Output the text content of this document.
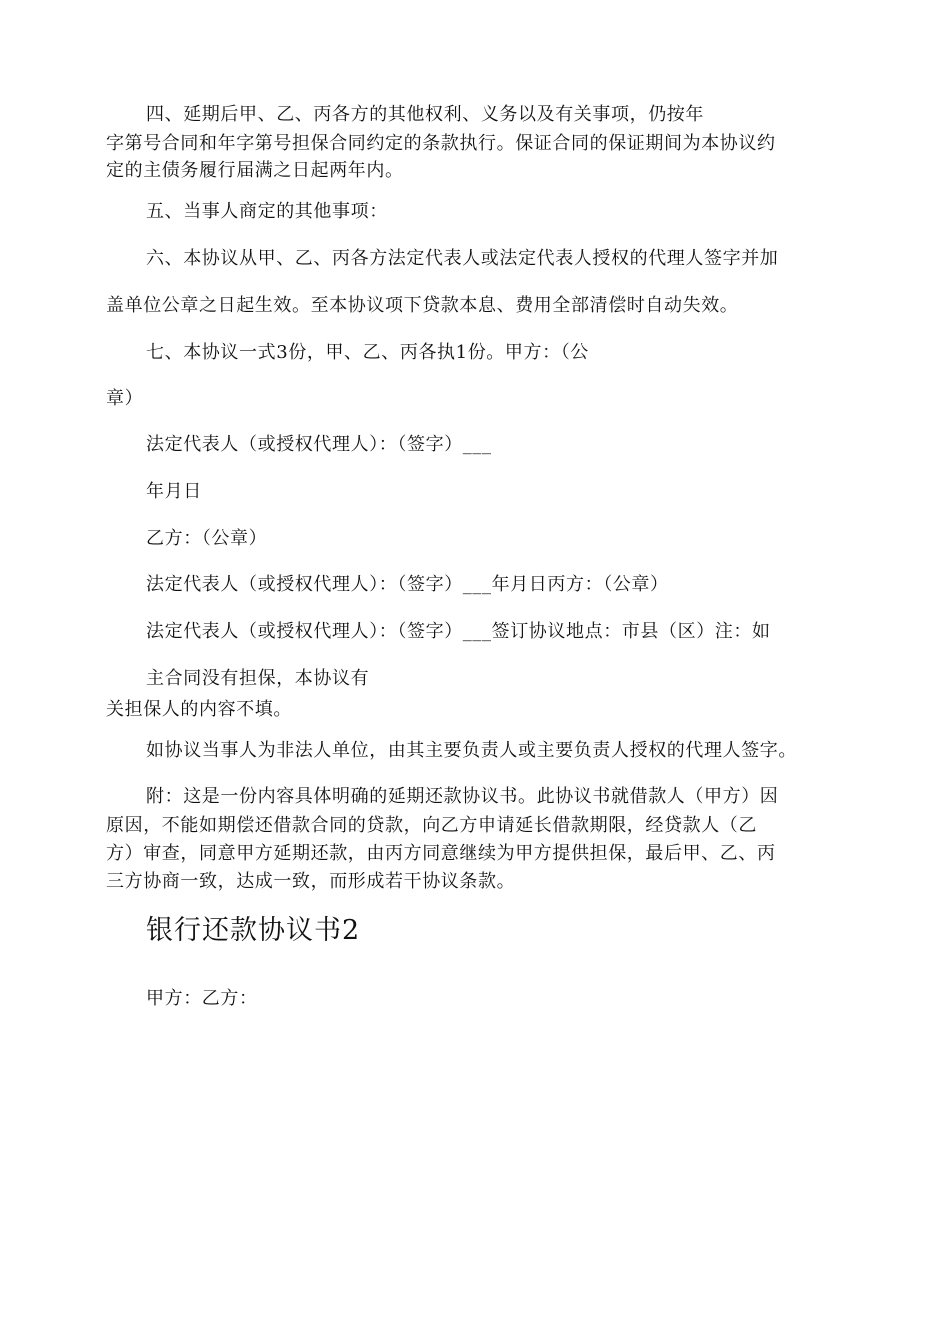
四、延期后甲、乙、丙各方的其他权利、义务以及有关事项，仍按年
字第号合同和年字第号担保合同约定的条款执行。保证合同的保证期间为本协议约
定的主债务履行届满之日起两年内。
五、当事人商定的其他事项：
六、本协议从甲、乙、丙各方法定代表人或法定代表人授权的代理人签字并加
盖单位公章之日起生效。至本协议项下贷款本息、费用全部清偿时自动失效。
七、本协议一式3份，甲、乙、丙各执1份。甲方：（公
章）
法定代表人（或授权代理人）：（签字）___
年月日
乙方：（公章）
法定代表人（或授权代理人）：（签字）___年月日丙方：（公章）
法定代表人（或授权代理人）：（签字）___签订协议地点：市县（区）注：如
主合同没有担保，本协议有
关担保人的内容不填。
如协议当事人为非法人单位，由其主要负责人或主要负责人授权的代理人签字。
附：这是一份内容具体明确的延期还款协议书。此协议书就借款人（甲方）因
原因，不能如期偿还借款合同的贷款，向乙方申请延长借款期限，经贷款人（乙
方）审查，同意甲方延期还款，由丙方同意继续为甲方提供担保，最后甲、乙、丙
三方协商一致，达成一致，而形成若干协议条款。
银行还款协议书2
甲方：乙方：
